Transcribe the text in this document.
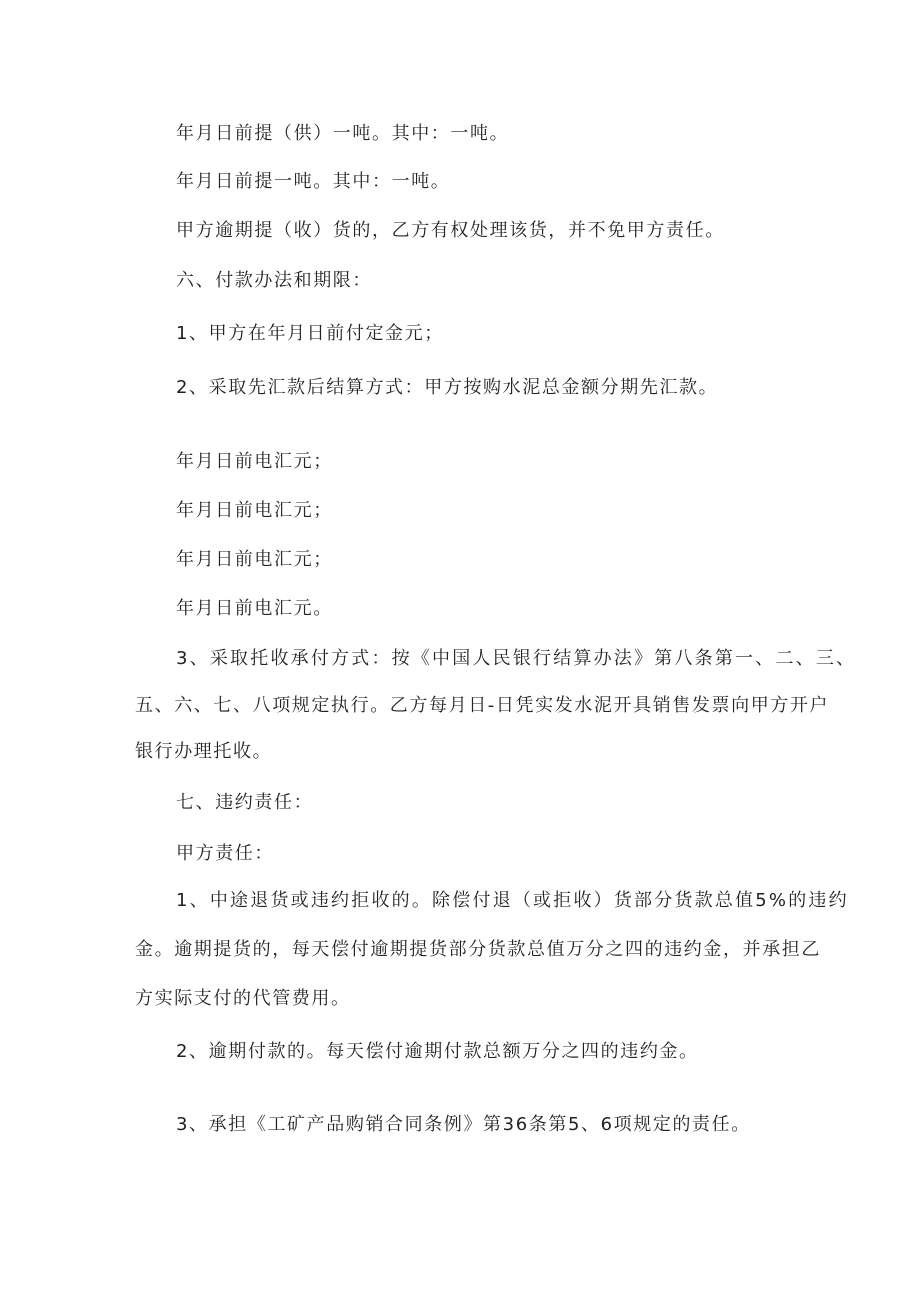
年月日前提（供）一吨。其中：一吨。
年月日前提一吨。其中：一吨。
甲方逾期提（收）货的，乙方有权处理该货，并不免甲方责任。
六、付款办法和期限：
1、甲方在年月日前付定金元；
2、采取先汇款后结算方式：甲方按购水泥总金额分期先汇款。
年月日前电汇元；
年月日前电汇元；
年月日前电汇元；
年月日前电汇元。
3、采取托收承付方式：按《中国人民银行结算办法》第八条第一、二、三、
五、六、七、八项规定执行。乙方每月日-日凭实发水泥开具销售发票向甲方开户
银行办理托收。
七、违约责任：
甲方责任：
1、中途退货或违约拒收的。除偿付退（或拒收）货部分货款总值5%的违约
金。逾期提货的，每天偿付逾期提货部分货款总值万分之四的违约金，并承担乙
方实际支付的代管费用。
2、逾期付款的。每天偿付逾期付款总额万分之四的违约金。
3、承担《工矿产品购销合同条例》第36条第5、6项规定的责任。
